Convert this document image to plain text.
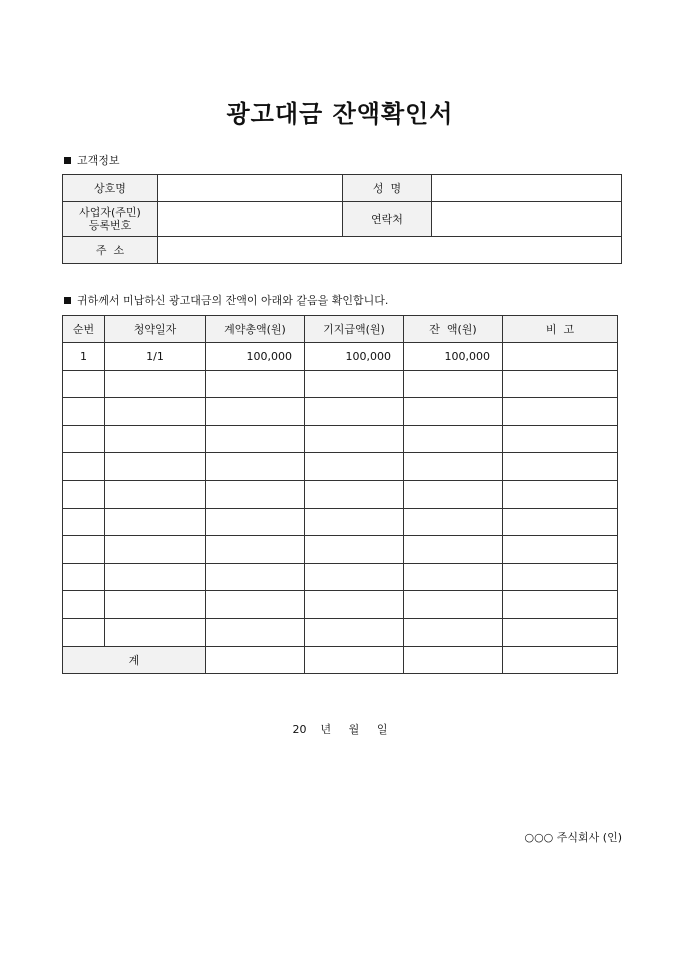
광고대금 잔액확인서
고객정보
상호명		성  명	

사업자(주민)
등록번호		연락처	
주  소			
귀하께서 미납하신 광고대금의 잔액이 아래와 같음을 확인합니다.
순번	청약일자	계약총액(원)	기지급액(원)	잔  액(원)	비  고
1	1/1	100,000	100,000	100,000	

계					
20 년 월 일
○○○ 주식회사 (인)
